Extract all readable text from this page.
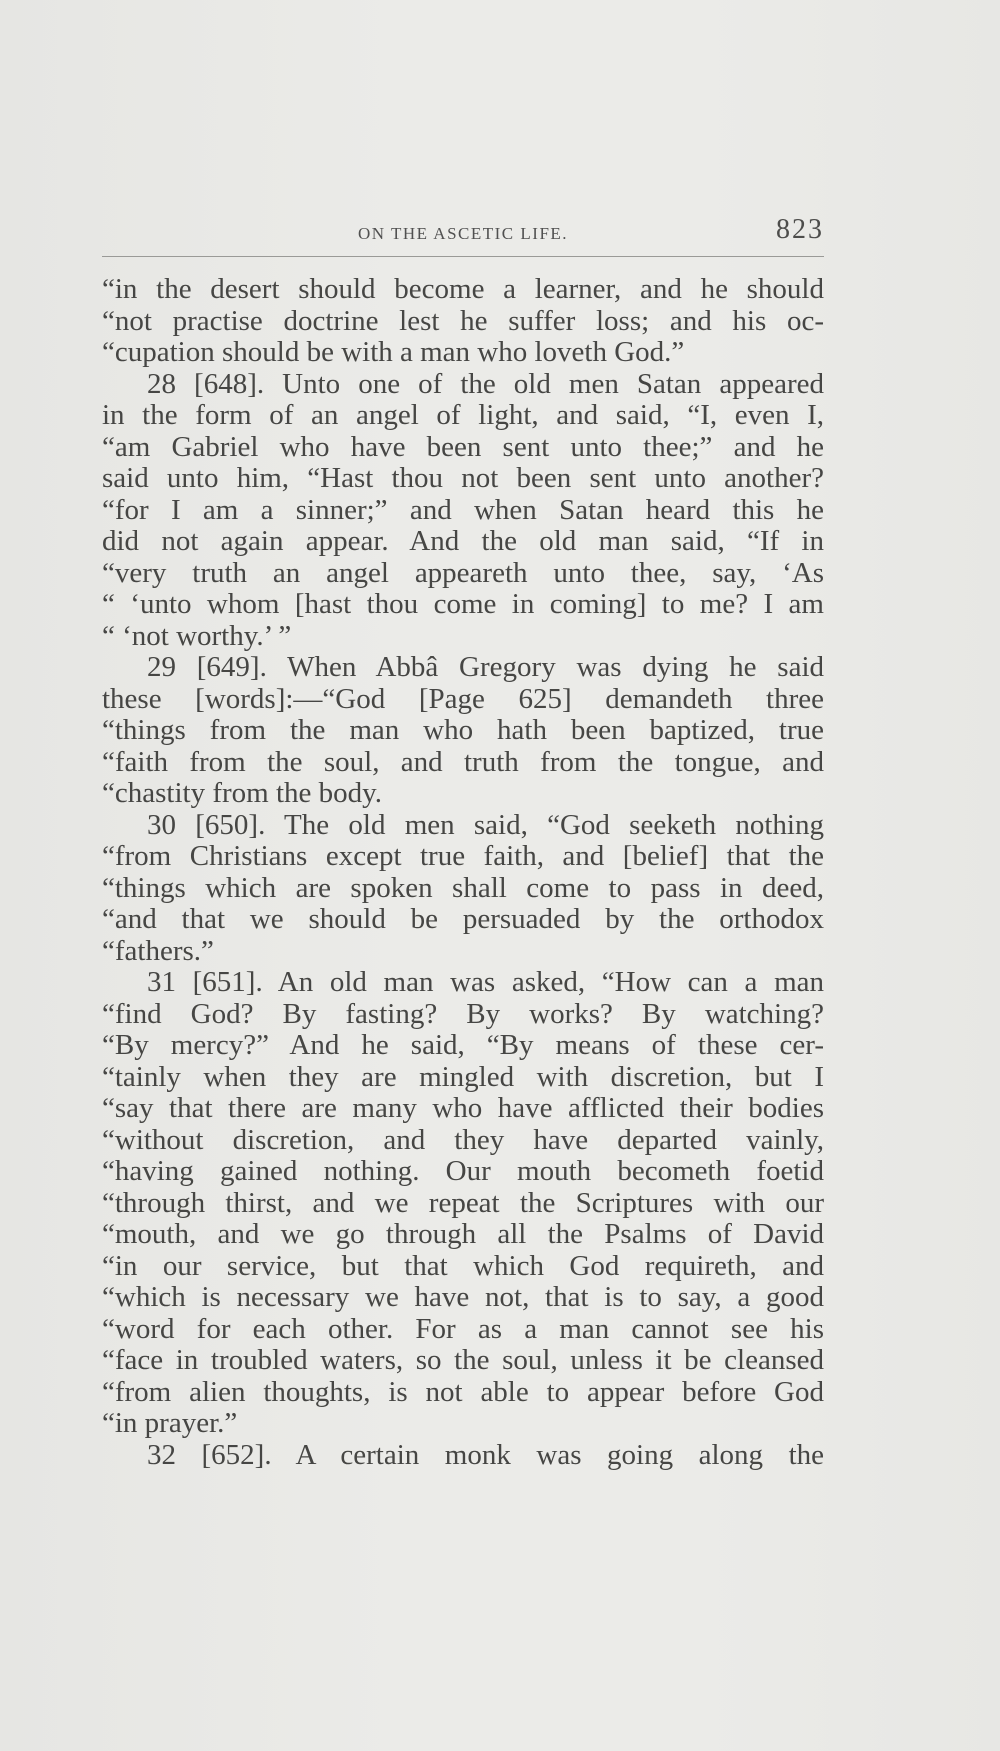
ON THE ASCETIC LIFE.	823
“in the desert should become a learner, and he should
“not practise doctrine lest he suffer loss; and his oc-
“cupation should be with a man who loveth God.”
28 [648]. Unto one of the old men Satan appeared
in the form of an angel of light, and said, “I, even I,
“am Gabriel who have been sent unto thee;” and he
said unto him, “Hast thou not been sent unto another?
“for I am a sinner;” and when Satan heard this he
did not again appear. And the old man said, “If in
“very truth an angel appeareth unto thee, say, ‘As
“ ‘unto whom [hast thou come in coming] to me? I am
“ ‘not worthy.’ ”
29 [649]. When Abbâ Gregory was dying he said
these [words]:—“God [Page 625] demandeth three
“things from the man who hath been baptized, true
“faith from the soul, and truth from the tongue, and
“chastity from the body.
30 [650]. The old men said, “God seeketh nothing
“from Christians except true faith, and [belief] that the
“things which are spoken shall come to pass in deed,
“and that we should be persuaded by the orthodox
“fathers.”
31 [651]. An old man was asked, “How can a man
“find God? By fasting? By works? By watching?
“By mercy?” And he said, “By means of these cer-
“tainly when they are mingled with discretion, but I
“say that there are many who have afflicted their bodies
“without discretion, and they have departed vainly,
“having gained nothing. Our mouth becometh foetid
“through thirst, and we repeat the Scriptures with our
“mouth, and we go through all the Psalms of David
“in our service, but that which God requireth, and
“which is necessary we have not, that is to say, a good
“word for each other. For as a man cannot see his
“face in troubled waters, so the soul, unless it be cleansed
“from alien thoughts, is not able to appear before God
“in prayer.”
32 [652]. A certain monk was going along the
